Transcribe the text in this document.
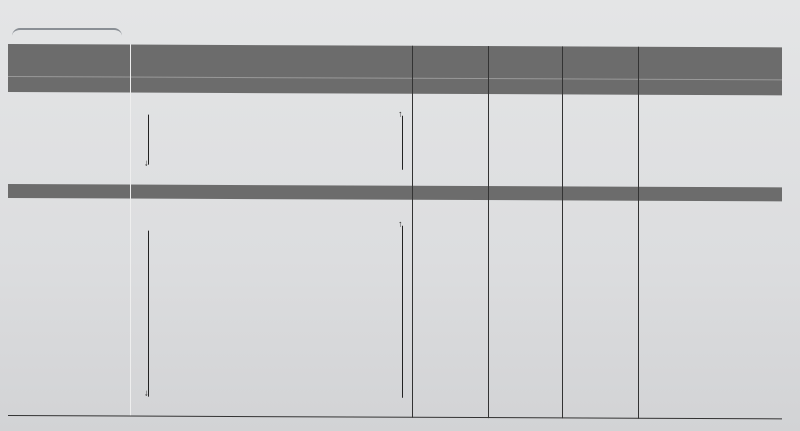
↓
↑
↓
↑
